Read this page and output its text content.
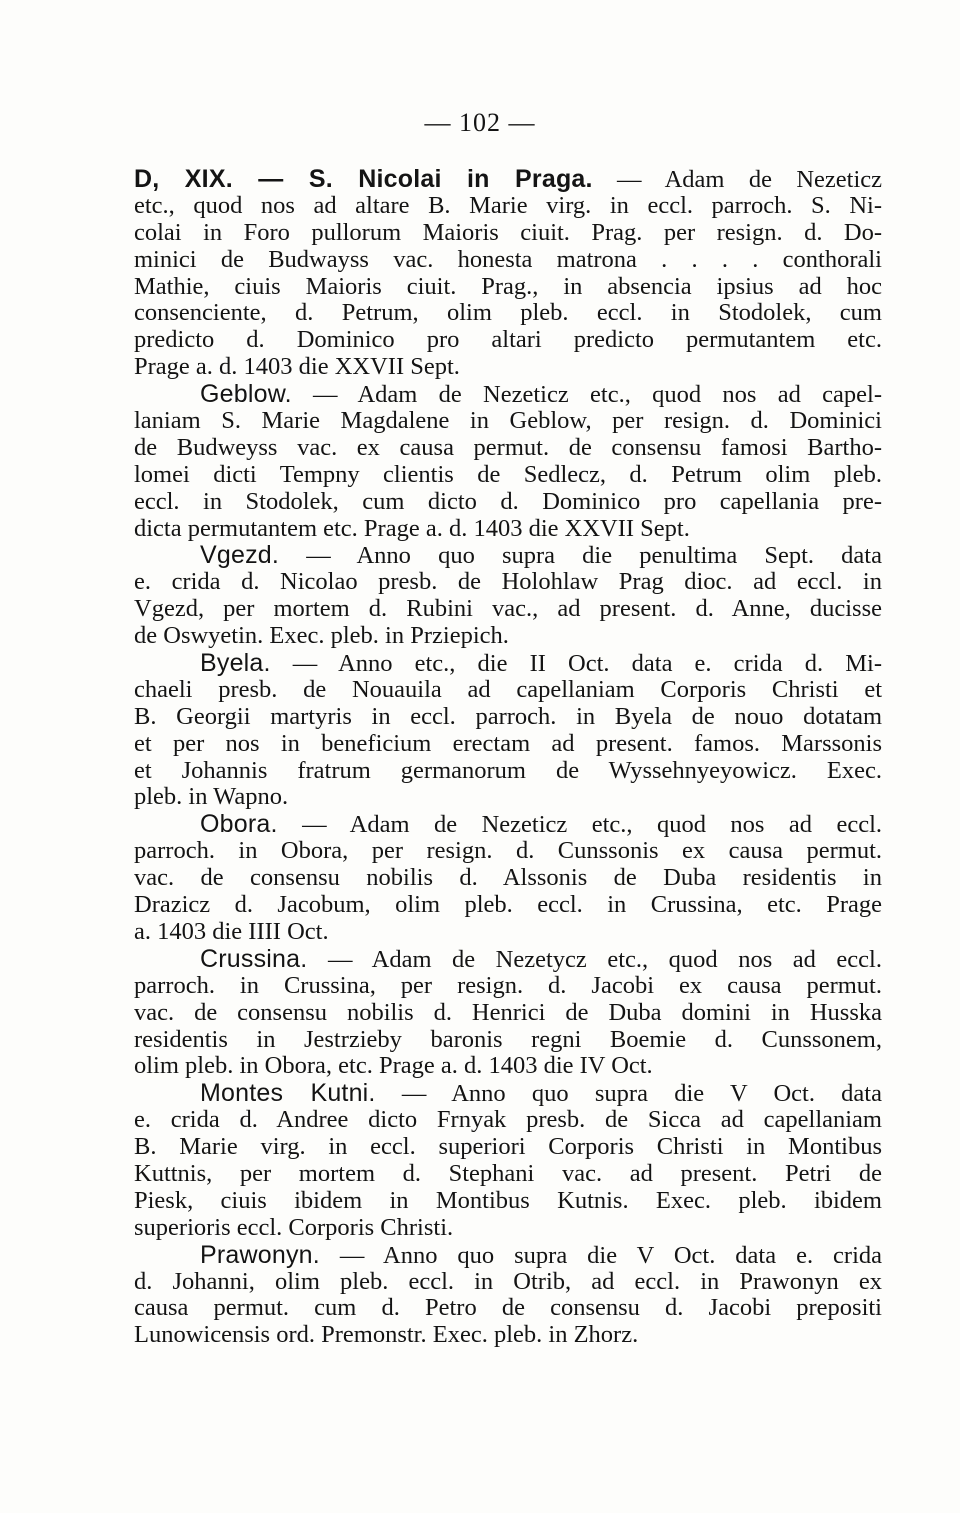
— 102 —
D, XIX. — S. Nicolai in Praga. — Adam de Nezeticz
etc., quod nos ad altare B. Marie virg. in eccl. parroch. S. Ni-
colai in Foro pullorum Maioris ciuit. Prag. per resign. d. Do-
minici de Budwayss vac. honesta matrona . . . . conthorali
Mathie, ciuis Maioris ciuit. Prag., in absencia ipsius ad hoc
consenciente, d. Petrum, olim pleb. eccl. in Stodolek, cum
predicto d. Dominico pro altari predicto permutantem etc.
Prage a. d. 1403 die XXVII Sept.
Geblow. — Adam de Nezeticz etc., quod nos ad capel-
laniam S. Marie Magdalene in Geblow, per resign. d. Dominici
de Budweyss vac. ex causa permut. de consensu famosi Bartho-
lomei dicti Tempny clientis de Sedlecz, d. Petrum olim pleb.
eccl. in Stodolek, cum dicto d. Dominico pro capellania pre-
dicta permutantem etc. Prage a. d. 1403 die XXVII Sept.
Vgezd. — Anno quo supra die penultima Sept. data
e. crida d. Nicolao presb. de Holohlaw Prag dioc. ad eccl. in
Vgezd, per mortem d. Rubini vac., ad present. d. Anne, ducisse
de Oswyetin. Exec. pleb. in Prziepich.
Byela. — Anno etc., die II Oct. data e. crida d. Mi-
chaeli presb. de Nouauila ad capellaniam Corporis Christi et
B. Georgii martyris in eccl. parroch. in Byela de nouo dotatam
et per nos in beneficium erectam ad present. famos. Marssonis
et Johannis fratrum germanorum de Wyssehnyeyowicz. Exec.
pleb. in Wapno.
Obora. — Adam de Nezeticz etc., quod nos ad eccl.
parroch. in Obora, per resign. d. Cunssonis ex causa permut.
vac. de consensu nobilis d. Alssonis de Duba residentis in
Drazicz d. Jacobum, olim pleb. eccl. in Crussina, etc. Prage
a. 1403 die IIII Oct.
Crussina. — Adam de Nezetycz etc., quod nos ad eccl.
parroch. in Crussina, per resign. d. Jacobi ex causa permut.
vac. de consensu nobilis d. Henrici de Duba domini in Husska
residentis in Jestrzieby baronis regni Boemie d. Cunssonem,
olim pleb. in Obora, etc. Prage a. d. 1403 die IV Oct.
Montes Kutni. — Anno quo supra die V Oct. data
e. crida d. Andree dicto Frnyak presb. de Sicca ad capellaniam
B. Marie virg. in eccl. superiori Corporis Christi in Montibus
Kuttnis, per mortem d. Stephani vac. ad present. Petri de
Piesk, ciuis ibidem in Montibus Kutnis. Exec. pleb. ibidem
superioris eccl. Corporis Christi.
Prawonyn. — Anno quo supra die V Oct. data e. crida
d. Johanni, olim pleb. eccl. in Otrib, ad eccl. in Prawonyn ex
causa permut. cum d. Petro de consensu d. Jacobi prepositi
Lunowicensis ord. Premonstr. Exec. pleb. in Zhorz.
